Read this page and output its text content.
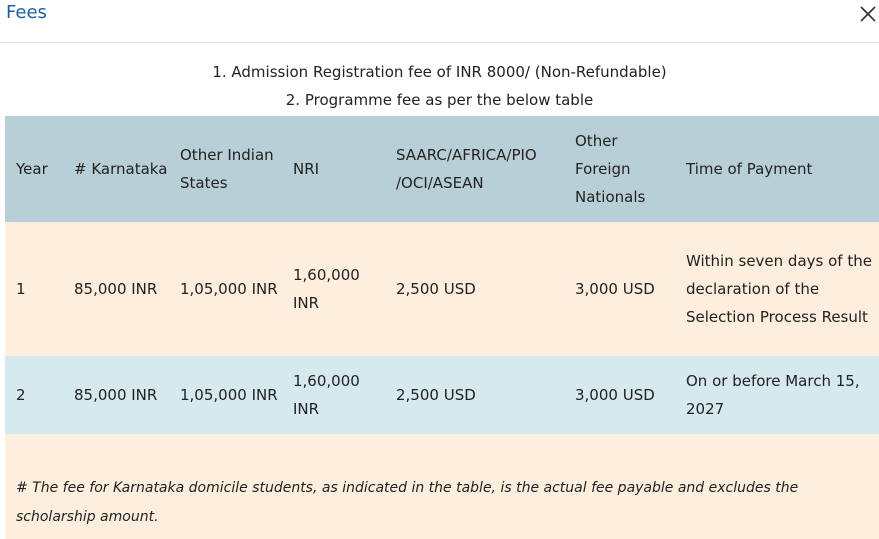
Fees
1. Admission Registration fee of INR 8000/ (Non-Refundable)
2. Programme fee as per the below table
Year	# Karnataka	Other Indian States	NRI	SAARC/AFRICA/PIO /OCI/ASEAN	Other Foreign Nationals	Time of Payment
1	85,000 INR	1,05,000 INR	1,60,000 INR	2,500 USD	3,000 USD	Within seven days of the declaration of the Selection Process Result
2	85,000 INR	1,05,000 INR	1,60,000 INR	2,500 USD	3,000 USD	On or before March 15, 2027

# The fee for Karnataka domicile students, as indicated in the table, is the actual fee payable and excludes the scholarship amount.
